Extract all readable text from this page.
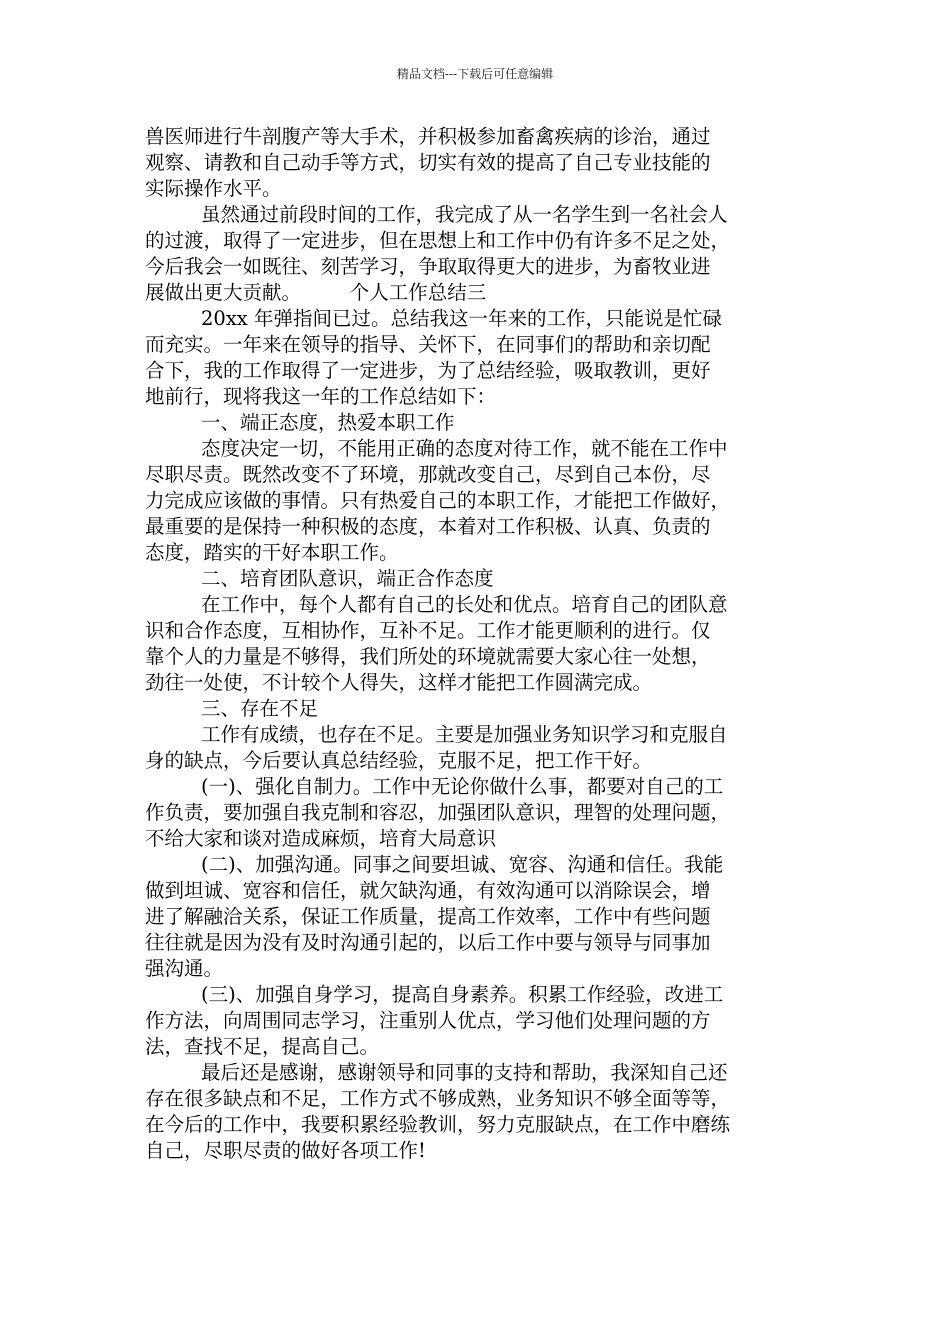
精品文档---下载后可任意编辑
兽医师进行牛剖腹产等大手术，并积极参加畜禽疾病的诊治，通过
观察、请教和自己动手等方式，切实有效的提高了自己专业技能的
实际操作水平。
虽然通过前段时间的工作，我完成了从一名学生到一名社会人
的过渡，取得了一定进步，但在思想上和工作中仍有许多不足之处，
今后我会一如既往、刻苦学习，争取取得更大的进步，为畜牧业进
展做出更大贡献。　　　个人工作总结三
20xx 年弹指间已过。总结我这一年来的工作，只能说是忙碌
而充实。一年来在领导的指导、关怀下，在同事们的帮助和亲切配
合下，我的工作取得了一定进步，为了总结经验，吸取教训，更好
地前行，现将我这一年的工作总结如下：
一、端正态度，热爱本职工作
态度决定一切，不能用正确的态度对待工作，就不能在工作中
尽职尽责。既然改变不了环境，那就改变自己，尽到自己本份，尽
力完成应该做的事情。只有热爱自己的本职工作，才能把工作做好，
最重要的是保持一种积极的态度，本着对工作积极、认真、负责的
态度，踏实的干好本职工作。
二、培育团队意识，端正合作态度
在工作中，每个人都有自己的长处和优点。培育自己的团队意
识和合作态度，互相协作，互补不足。工作才能更顺利的进行。仅
靠个人的力量是不够得，我们所处的环境就需要大家心往一处想，
劲往一处使，不计较个人得失，这样才能把工作圆满完成。
三、存在不足
工作有成绩，也存在不足。主要是加强业务知识学习和克服自
身的缺点，今后要认真总结经验，克服不足，把工作干好。
(一)、强化自制力。工作中无论你做什么事，都要对自己的工
作负责，要加强自我克制和容忍，加强团队意识，理智的处理问题，
不给大家和谈对造成麻烦，培育大局意识
(二)、加强沟通。同事之间要坦诚、宽容、沟通和信任。我能
做到坦诚、宽容和信任，就欠缺沟通，有效沟通可以消除误会，增
进了解融洽关系，保证工作质量，提高工作效率，工作中有些问题
往往就是因为没有及时沟通引起的，以后工作中要与领导与同事加
强沟通。
(三)、加强自身学习，提高自身素养。积累工作经验，改进工
作方法，向周围同志学习，注重别人优点，学习他们处理问题的方
法，查找不足，提高自己。
最后还是感谢，感谢领导和同事的支持和帮助，我深知自己还
存在很多缺点和不足，工作方式不够成熟，业务知识不够全面等等，
在今后的工作中，我要积累经验教训，努力克服缺点，在工作中磨练
自己，尽职尽责的做好各项工作!
